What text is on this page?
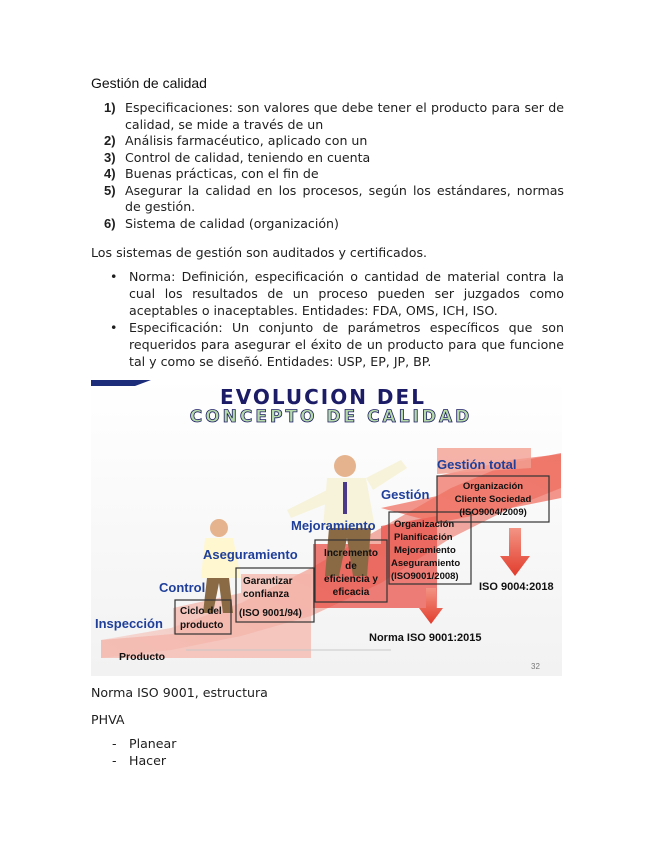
Gestión de calidad
1) Especificaciones: son valores que debe tener el producto para ser de calidad, se mide a través de un
2) Análisis farmacéutico, aplicado con un
3) Control de calidad, teniendo en cuenta
4) Buenas prácticas, con el fin de
5) Asegurar la calidad en los procesos, según los estándares, normas de gestión.
6) Sistema de calidad (organización)
Los sistemas de gestión son auditados y certificados.
• Norma: Definición, especificación o cantidad de material contra la cual los resultados de un proceso pueden ser juzgados como aceptables o inaceptables. Entidades: FDA, OMS, ICH, ISO.
• Especificación: Un conjunto de parámetros específicos que son requeridos para asegurar el éxito de un producto para que funcione tal y como se diseñó. Entidades: USP, EP, JP, BP.
EVOLUCION DEL
CONCEPTO DE CALIDAD
Producto
Inspección
Control
Aseguramiento
Mejoramiento
Gestión
Gestión total
Ciclo del
producto
Garantizar
confianza
(ISO 9001/94)
Incremento
de
eficiencia y
eficacia
Organización
Planificación
Mejoramiento
Aseguramiento
(ISO9001/2008)
Organización
Cliente Sociedad
(ISO9004/2009)
Norma ISO 9001:2015
ISO 9004:2018
32
Norma ISO 9001, estructura
PHVA
- Planear
- Hacer
